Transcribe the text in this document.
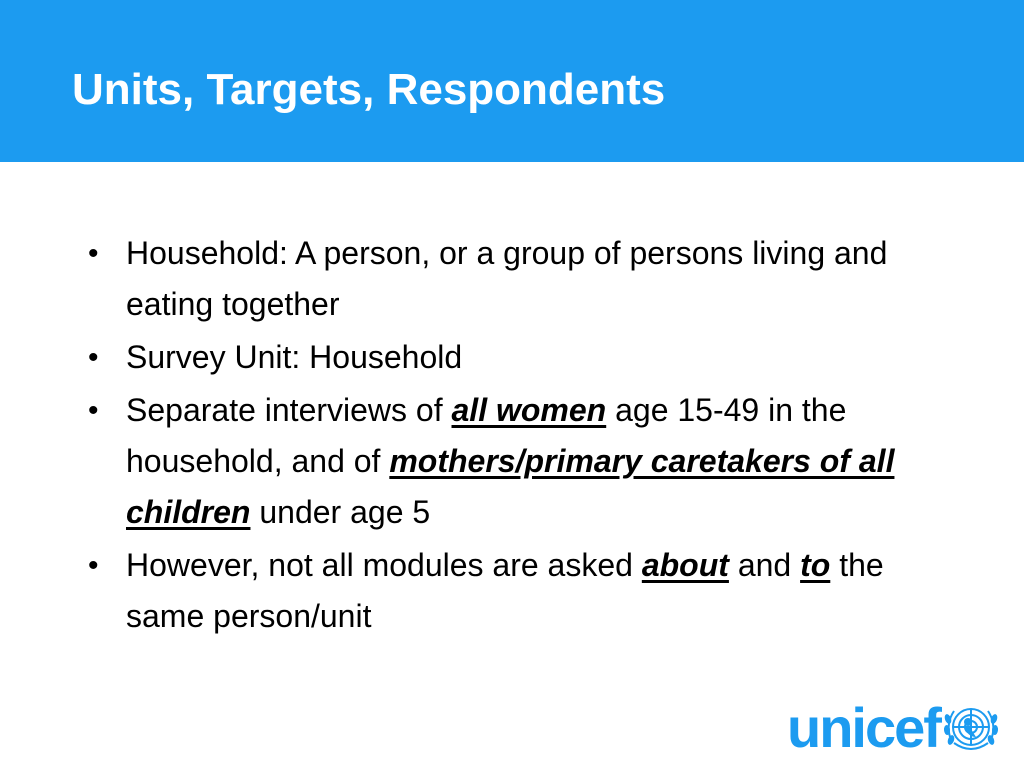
Units, Targets, Respondents
• Household: A person, or a group of persons living and eating together
• Survey Unit: Household
• Separate interviews of all women age 15-49 in the household, and of mothers/primary caretakers of all children under age 5
• However, not all modules are asked about and to the same person/unit
unicef
